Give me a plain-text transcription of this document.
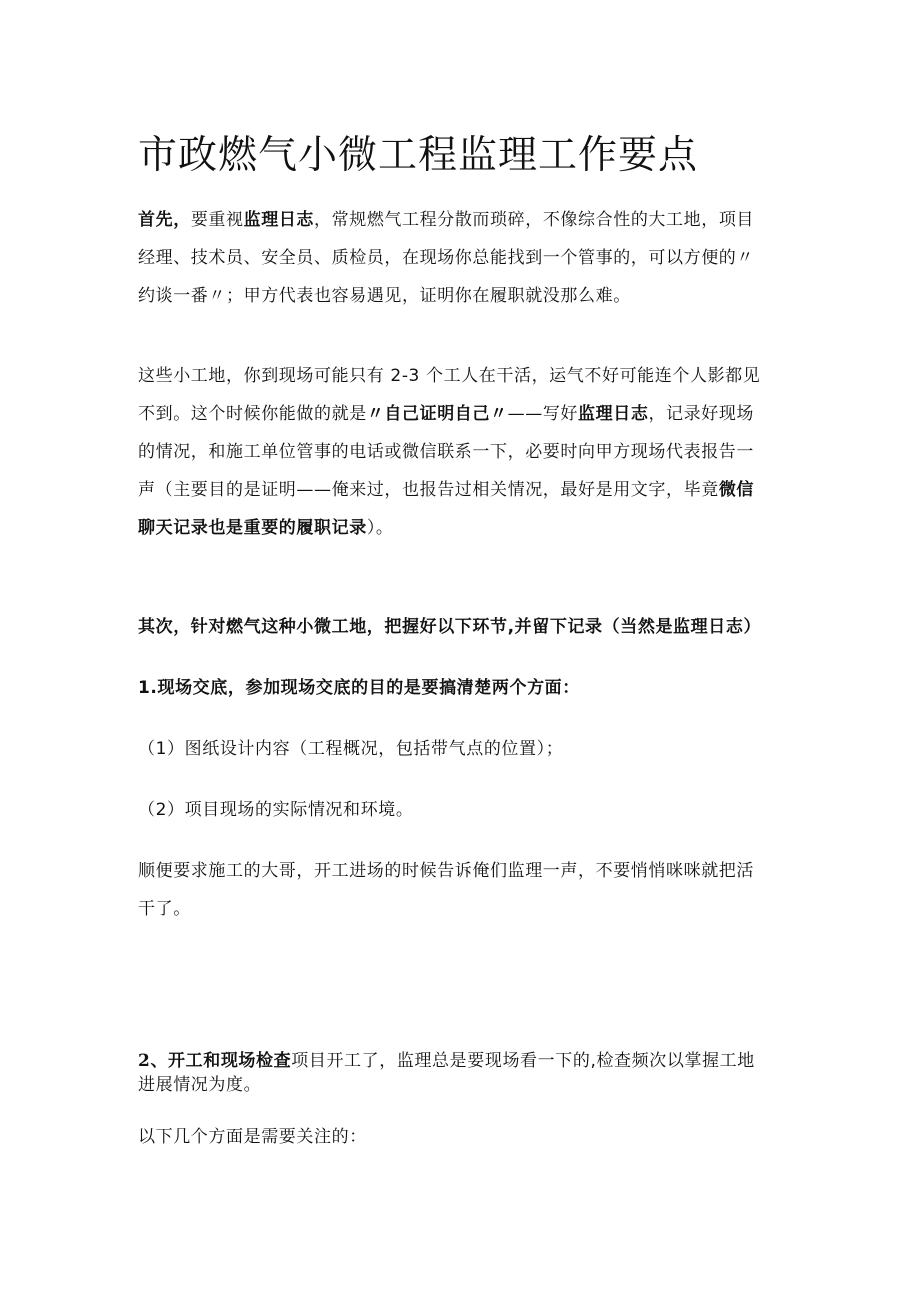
市政燃气小微工程监理工作要点

首先，要重视监理日志，常规燃气工程分散而琐碎，不像综合性的大工地，项目
经理、技术员、安全员、质检员，在现场你总能找到一个管事的，可以方便的〃
约谈一番〃；甲方代表也容易遇见，证明你在履职就没那么难。

这些小工地，你到现场可能只有 2-3 个工人在干活，运气不好可能连个人影都见
不到。这个时候你能做的就是〃自己证明自己〃——写好监理日志，记录好现场
的情况，和施工单位管事的电话或微信联系一下，必要时向甲方现场代表报告一
声（主要目的是证明——俺来过，也报告过相关情况，最好是用文字，毕竟微信
聊天记录也是重要的履职记录）。

其次，针对燃气这种小微工地，把握好以下环节,并留下记录（当然是监理日志）

1.现场交底，参加现场交底的目的是要搞清楚两个方面：

（1）图纸设计内容（工程概况，包括带气点的位置）；

（2）项目现场的实际情况和环境。

顺便要求施工的大哥，开工进场的时候告诉俺们监理一声，不要悄悄咪咪就把活
干了。

2、开工和现场检查项目开工了，监理总是要现场看一下的,检查频次以掌握工地
进展情况为度。

以下几个方面是需要关注的：
